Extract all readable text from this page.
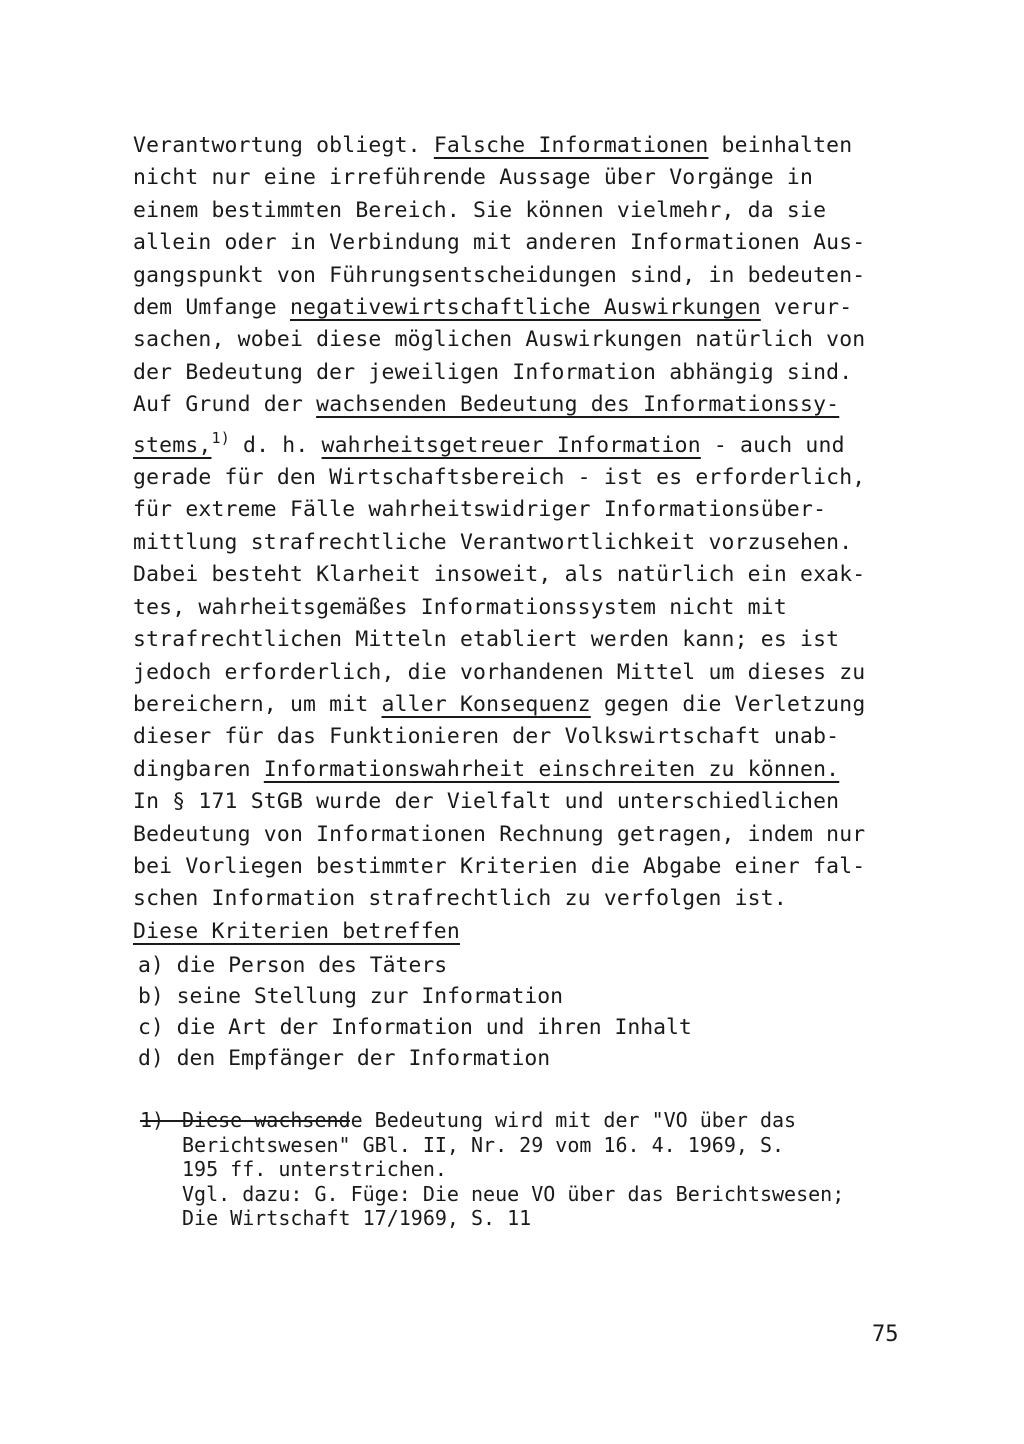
Verantwortung obliegt. Falsche Informationen beinhalten
nicht nur eine irreführende Aussage über Vorgänge in
einem bestimmten Bereich. Sie können vielmehr, da sie
allein oder in Verbindung mit anderen Informationen Aus-
gangspunkt von Führungsentscheidungen sind, in bedeuten-
dem Umfange negativewirtschaftliche Auswirkungen verur-
sachen, wobei diese möglichen Auswirkungen natürlich von
der Bedeutung der jeweiligen Information abhängig sind.
Auf Grund der wachsenden Bedeutung des Informationssy-
stems,$^{1)}$ d. h. wahrheitsgetreuer Information - auch und
gerade für den Wirtschaftsbereich - ist es erforderlich,
für extreme Fälle wahrheitswidriger Informationsüber-
mittlung strafrechtliche Verantwortlichkeit vorzusehen.
Dabei besteht Klarheit insoweit, als natürlich ein exak-
tes, wahrheitsgemäßes Informationssystem nicht mit
strafrechtlichen Mitteln etabliert werden kann; es ist
jedoch erforderlich, die vorhandenen Mittel um dieses zu
bereichern, um mit aller Konsequenz gegen die Verletzung
dieser für das Funktionieren der Volkswirtschaft unab-
dingbaren Informationswahrheit einschreiten zu können.
In § 171 StGB wurde der Vielfalt und unterschiedlichen
Bedeutung von Informationen Rechnung getragen, indem nur
bei Vorliegen bestimmter Kriterien die Abgabe einer fal-
schen Information strafrechtlich zu verfolgen ist.
Diese Kriterien betreffen
a) die Person des Täters
b) seine Stellung zur Information
c) die Art der Information und ihren Inhalt
d) den Empfänger der Information
1) Diese wachsende Bedeutung wird mit der "VO über das
Berichtswesen" GBl. II, Nr. 29 vom 16. 4. 1969, S.
195 ff. unterstrichen.
Vgl. dazu: G. Füge: Die neue VO über das Berichtswesen;
Die Wirtschaft 17/1969, S. 11
75
